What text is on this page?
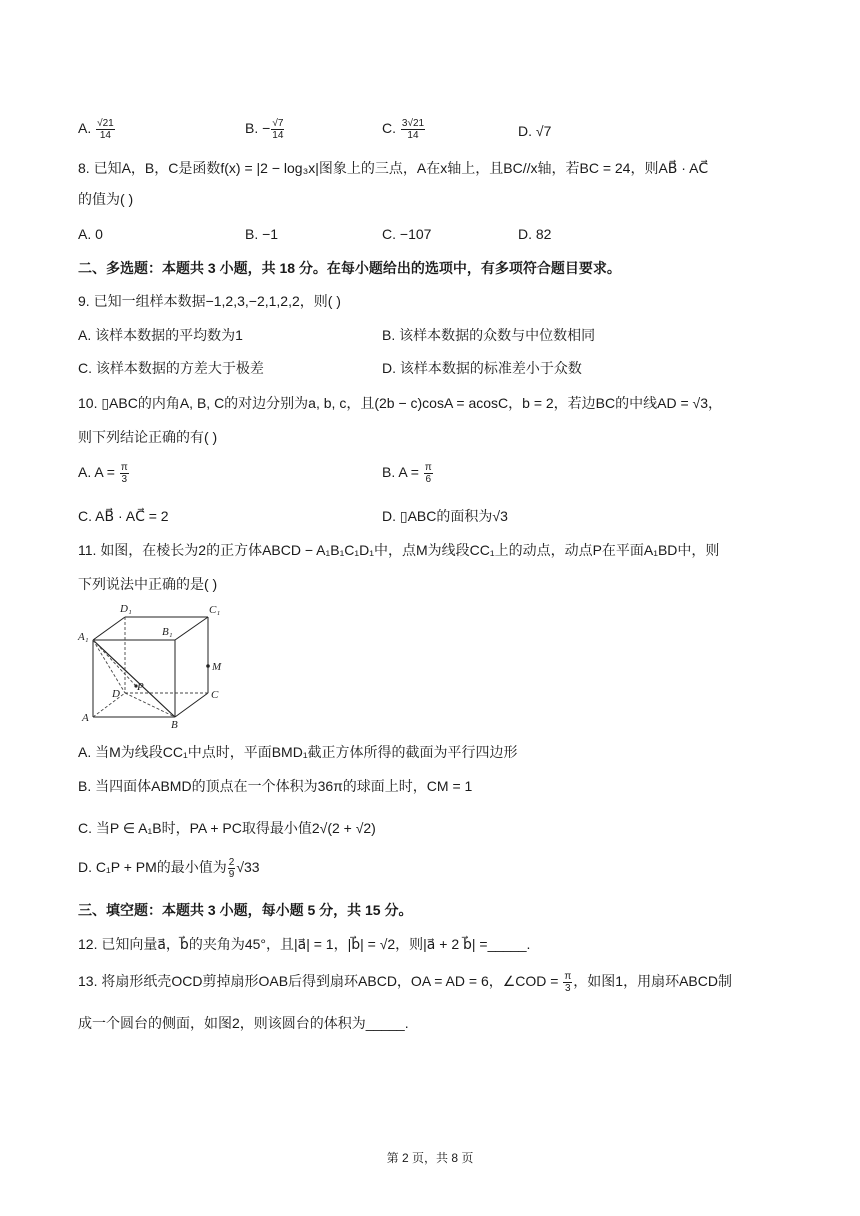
A. $\frac{√21}{14}$	B. − $\frac{√7}{14}$	C. $\frac{3√21}{14}$	D. √7
8. 已知A，B，C是函数f(x) = |2 − log₃x|图象上的三点，A在x轴上，且BC//x轴，若BC = 24，则AB⃗ · AC⃗
的值为( )
A. 0	B. −1	C. −107	D. 82
二、多选题：本题共 3 小题，共 18 分。在每小题给出的选项中，有多项符合题目要求。
9. 已知一组样本数据−1,2,3,−2,1,2,2，则( )
A. 该样本数据的平均数为1	B. 该样本数据的众数与中位数相同
C. 该样本数据的方差大于极差	D. 该样本数据的标准差小于众数
10. ▯ABC的内角A, B, C的对边分别为a, b, c，且(2b − c)cosA = acosC，b = 2，若边BC的中线AD = √3，
则下列结论正确的有( )
A. $A = \frac{\pi}{3}$	B. $A = \frac{\pi}{6}$
C. AB⃗ · AC⃗ = 2	D. ▯ABC的面积为√3
11. 如图，在棱长为2的正方体ABCD − A₁B₁C₁D₁中，点M为线段CC₁上的动点，动点P在平面A₁BD中，则
下列说法中正确的是( )
D₁	C₁
A₁	B₁
M
D
P
C
A
B
A. 当M为线段CC₁中点时，平面BMD₁截正方体所得的截面为平行四边形
B. 当四面体ABMD的顶点在一个体积为36π的球面上时，CM = 1
C. 当P ∈ A₁B时，PA + PC取得最小值2√(2 + √2)
D. C₁P + PM的最小值为 $\frac{2}{9} √33$
三、填空题：本题共 3 小题，每小题 5 分，共 15 分。
12. 已知向量a⃗，b⃗的夹角为45°，且|a⃗| = 1，|b⃗| = √2，则|a⃗ + 2 b⃗| =_____.
13. 将扇形纸壳OCD剪掉扇形OAB后得到扇环ABCD，OA = AD = 6，∠COD = $\frac{\pi}{3}$ ，如图1，用扇环ABCD制
成一个圆台的侧面，如图2，则该圆台的体积为_____.
第 2 页，共 8 页
